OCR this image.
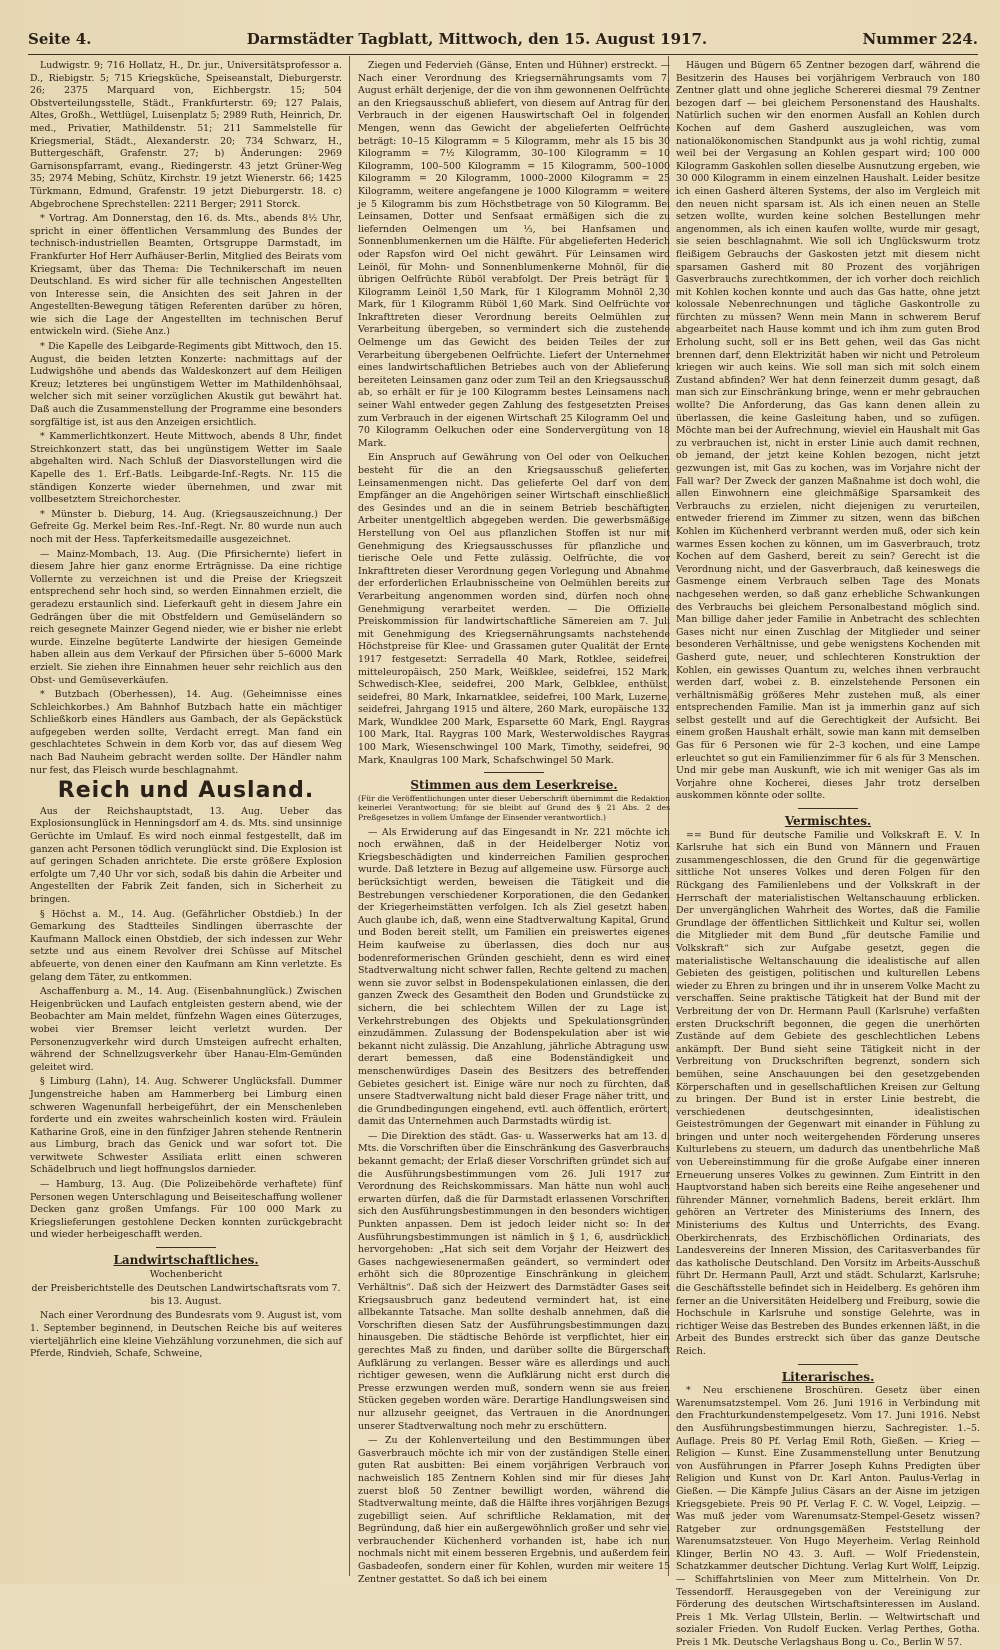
Seite 4.	Darmstädter Tagblatt, Mittwoch, den 15. August 1917.	Nummer 224.

Ludwigstr. 9; 716 Hollatz, H., Dr. jur., Universitätsprofessor a. D., Riebigstr. 5; 715 Kriegsküche, Speiseanstalt, Dieburgerstr. 26; 2375 Marquard von, Eichbergstr. 15; 504 Obstverteilungsstelle, Städt., Frankfurterstr. 69; 127 Palais, Altes, Großh., Wettlügel, Luisenplatz 5; 2989 Ruth, Heinrich, Dr. med., Privatier, Mathildenstr. 51; 211 Sammelstelle für Kriegsmerial, Städt., Alexanderstr. 20; 734 Schwarz, H., Buttergeschäft, Grafenstr. 27; b) Änderungen: 2969 Garnisonspfarramt, evang., Riedingerstr. 43 jetzt Grüner-Weg 35; 2974 Mebing, Schütz, Kirchstr. 19 jetzt Wienerstr. 66; 1425 Türkmann, Edmund, Grafenstr. 19 jetzt Dieburgerstr. 18. c) Abgebrochene Sprechstellen: 2211 Berger; 2911 Storck.

* Vortrag. Am Donnerstag, den 16. ds. Mts., abends 8½ Uhr, spricht in einer öffentlichen Versammlung des Bundes der technisch-industriellen Beamten, Ortsgruppe Darmstadt, im Frankfurter Hof Herr Aufhäuser-Berlin, Mitglied des Beirats vom Kriegsamt, über das Thema: Die Technikerschaft im neuen Deutschland. Es wird sicher für alle technischen Angestellten von Interesse sein, die Ansichten des seit Jahren in der Angestellten-Bewegung tätigen Referenten darüber zu hören, wie sich die Lage der Angestellten im technischen Beruf entwickeln wird. (Siehe Anz.)

* Die Kapelle des Leibgarde-Regiments gibt Mittwoch, den 15. August, die beiden letzten Konzerte: nachmittags auf der Ludwigshöhe und abends das Waldeskonzert auf dem Heiligen Kreuz; letzteres bei ungünstigem Wetter im Mathildenhöhsaal, welcher sich mit seiner vorzüglichen Akustik gut bewährt hat. Daß auch die Zusammenstellung der Programme eine besonders sorgfältige ist, ist aus den Anzeigen ersichtlich.

* Kammerlichtkonzert. Heute Mittwoch, abends 8 Uhr, findet Streichkonzert statt, das bei ungünstigem Wetter im Saale abgehalten wird. Nach Schluß der Diasvorstellungen wird die Kapelle des 1. Erf.-Batls. Leibgarde-Inf.-Regts. Nr. 115 die ständigen Konzerte wieder übernehmen, und zwar mit vollbesetztem Streichorchester.

* Münster b. Dieburg, 14. Aug. (Kriegsauszeichnung.) Der Gefreite Gg. Merkel beim Res.-Inf.-Regt. Nr. 80 wurde nun auch noch mit der Hess. Tapferkeitsmedaille ausgezeichnet.

— Mainz-Mombach, 13. Aug. (Die Pfirsichernte) liefert in diesem Jahre hier ganz enorme Erträgnisse. Da eine richtige Vollernte zu verzeichnen ist und die Preise der Kriegszeit entsprechend sehr hoch sind, so werden Einnahmen erzielt, die geradezu erstaunlich sind. Lieferkauft geht in diesem Jahre ein Gedrängen über die mit Obstfeldern und Gemüseländern so reich gesegnete Mainzer Gegend nieder, wie er bisher nie erlebt wurde. Einzelne begüterte Landwirte der hiesigen Gemeinde haben allein aus dem Verkauf der Pfirsichen über 5–6000 Mark erzielt. Sie ziehen ihre Einnahmen heuer sehr reichlich aus den Obst- und Gemüseverkäufen.

* Butzbach (Oberhessen), 14. Aug. (Geheimnisse eines Schleichkorbes.) Am Bahnhof Butzbach hatte ein mächtiger Schließkorb eines Händlers aus Gambach, der als Gepäckstück aufgegeben werden sollte, Verdacht erregt. Man fand ein geschlachtetes Schwein in dem Korb vor, das auf diesem Weg nach Bad Nauheim gebracht werden sollte. Der Händler nahm nur fest, das Fleisch wurde beschlagnahmt.

Reich und Ausland.

Aus der Reichshauptstadt, 13. Aug. Ueber das Explosionsunglück in Henningsdorf am 4. ds. Mts. sind unsinnige Gerüchte im Umlauf. Es wird noch einmal festgestellt, daß im ganzen acht Personen tödlich verunglückt sind. Die Explosion ist auf geringen Schaden anrichtete. Die erste größere Explosion erfolgte um 7,40 Uhr vor sich, sodaß bis dahin die Arbeiter und Angestellten der Fabrik Zeit fanden, sich in Sicherheit zu bringen.

§ Höchst a. M., 14. Aug. (Gefährlicher Obstdieb.) In der Gemarkung des Stadtteiles Sindlingen überraschte der Kaufmann Mallock einen Obstdieb, der sich indessen zur Wehr setzte und aus einem Revolver drei Schüsse auf Mitschel abfeuerte, von denen einer den Kaufmann am Kinn verletzte. Es gelang dem Täter, zu entkommen.

Aschaffenburg a. M., 14. Aug. (Eisenbahnunglück.) Zwischen Heigenbrücken und Laufach entgleisten gestern abend, wie der Beobachter am Main meldet, fünfzehn Wagen eines Güterzuges, wobei vier Bremser leicht verletzt wurden. Der Personenzugverkehr wird durch Umsteigen aufrecht erhalten, während der Schnellzugsverkehr über Hanau-Elm-Gemünden geleitet wird.

§ Limburg (Lahn), 14. Aug. Schwerer Unglücksfall. Dummer Jungenstreiche haben am Hammerberg bei Limburg einen schweren Wagenunfall herbeigeführt, der ein Menschenleben forderte und ein zweites wahrscheinlich kosten wird. Fräulein Katharine Groß, eine in den fünfziger Jahren stehende Rentnerin aus Limburg, brach das Genick und war sofort tot. Die verwitwete Schwester Assiliata erlitt einen schweren Schädelbruch und liegt hoffnungslos darnieder.

— Hamburg, 13. Aug. (Die Polizeibehörde verhaftete) fünf Personen wegen Unterschlagung und Beiseiteschaffung wollener Decken ganz großen Umfangs. Für 100 000 Mark zu Kriegslieferungen gestohlene Decken konnten zurückgebracht und wieder herbeigeschafft werden.

Landwirtschaftliches.
Wochenbericht

der Preisberichtstelle des Deutschen Landwirtschaftsrats vom 7. bis 13. August.

Nach einer Verordnung des Bundesrats vom 9. August ist, vom 1. September beginnend, in Deutschen Reiche bis auf weiteres vierteljährlich eine kleine Viehzählung vorzunehmen, die sich auf Pferde, Rindvieh, Schafe, Schweine,

Ziegen und Federvieh (Gänse, Enten und Hühner) erstreckt. — Nach einer Verordnung des Kriegsernährungsamts vom 7. August erhält derjenige, der die von ihm gewonnenen Oelfrüchte an den Kriegsausschuß abliefert, von diesem auf Antrag für den Verbrauch in der eigenen Hauswirtschaft Oel in folgenden Mengen, wenn das Gewicht der abgelieferten Oelfrüchte beträgt: 10–15 Kilogramm = 5 Kilogramm, mehr als 15 bis 30 Kilogramm = 7½ Kilogramm, 30–100 Kilogramm = 10 Kilogramm, 100–500 Kilogramm = 15 Kilogramm, 500–1000 Kilogramm = 20 Kilogramm, 1000–2000 Kilogramm = 25 Kilogramm, weitere angefangene je 1000 Kilogramm = weitere je 5 Kilogramm bis zum Höchstbetrage von 50 Kilogramm. Bei Leinsamen, Dotter und Senfsaat ermäßigen sich die zu liefernden Oelmengen um ⅓, bei Hanfsamen und Sonnenblumenkernen um die Hälfte. Für abgelieferten Hederich oder Rapsfon wird Oel nicht gewährt. Für Leinsamen wird Leinöl, für Mohn- und Sonnenblumenkerne Mohnöl, für die übrigen Oelfrüchte Rüböl verabfolgt. Der Preis beträgt für 1 Kilogramm Leinöl 1,50 Mark, für 1 Kilogramm Mohnöl 2,30 Mark, für 1 Kilogramm Rüböl 1,60 Mark. Sind Oelfrüchte vor Inkrafttreten dieser Verordnung bereits Oelmühlen zur Verarbeitung übergeben, so vermindert sich die zustehende Oelmenge um das Gewicht des beiden Teiles der zur Verarbeitung übergebenen Oelfrüchte. Liefert der Unternehmer eines landwirtschaftlichen Betriebes auch von der Ablieferung bereiteten Leinsamen ganz oder zum Teil an den Kriegsausschuß ab, so erhält er für je 100 Kilogramm bestes Leinsamens nach seiner Wahl entweder gegen Zahlung des festgesetzten Preises zum Verbrauch in der eigenen Wirtschaft 25 Kilogramm Oel und 70 Kilogramm Oelkuchen oder eine Sondervergütung von 18 Mark.

Ein Anspruch auf Gewährung von Oel oder von Oelkuchen besteht für die an den Kriegsausschuß gelieferten Leinsamenmengen nicht. Das gelieferte Oel darf von dem Empfänger an die Angehörigen seiner Wirtschaft einschließlich des Gesindes und an die in seinem Betrieb beschäftigten Arbeiter unentgeltlich abgegeben werden. Die gewerbsmäßige Herstellung von Oel aus pflanzlichen Stoffen ist nur mit Genehmigung des Kriegsausschusses für pflanzliche und tierische Oele und Fette zulässig. Oelfrüchte, die vor Inkrafttreten dieser Verordnung gegen Vorlegung und Abnahme der erforderlichen Erlaubnisscheine von Oelmühlen bereits zur Verarbeitung angenommen worden sind, dürfen noch ohne Genehmigung verarbeitet werden. — Die Offizielle Preiskommission für landwirtschaftliche Sämereien am 7. Juli mit Genehmigung des Kriegsernährungsamts nachstehende Höchstpreise für Klee- und Grassamen guter Qualität der Ernte 1917 festgesetzt: Serradella 40 Mark, Rotklee, seidefrei, mitteleuropäisch, 250 Mark, Weißklee, seidefrei, 152 Mark, Schwedisch-Klee, seidefrei, 200 Mark, Gelbklee, enthülst, seidefrei, 80 Mark, Inkarnatklee, seidefrei, 100 Mark, Luzerne, seidefrei, Jahrgang 1915 und ältere, 260 Mark, europäische 132 Mark, Wundklee 200 Mark, Esparsette 60 Mark, Engl. Raygras 100 Mark, Ital. Raygras 100 Mark, Westerwoldisches Raygras 100 Mark, Wiesenschwingel 100 Mark, Timothy, seidefrei, 90 Mark, Knaulgras 100 Mark, Schafschwingel 50 Mark.

Stimmen aus dem Leserkreise.

(Für die Veröffentlichungen unter dieser Ueberschrift übernimmt die Redaktion keinerlei Verantwortung; für sie bleibt auf Grund des § 21 Abs. 2 des Preßgesetzes in vollem Umfange der Einsender verantwortlich.)

— Als Erwiderung auf das Eingesandt in Nr. 221 möchte ich noch erwähnen, daß in der Heidelberger Notiz von Kriegsbeschädigten und kinderreichen Familien gesprochen wurde. Daß letztere in Bezug auf allgemeine usw. Fürsorge auch berücksichtigt werden, beweisen die Tätigkeit und die Bestrebungen verschiedener Korporationen, die den Gedanken der Kriegerheimstätten verfolgen. Ich als Ziel gesetzt haben. Auch glaube ich, daß, wenn eine Stadtverwaltung Kapital, Grund und Boden bereit stellt, um Familien ein preiswertes eigenes Heim kaufweise zu überlassen, dies doch nur aus bodenreformerischen Gründen geschieht, denn es wird einer Stadtverwaltung nicht schwer fallen, Rechte geltend zu machen, wenn sie zuvor selbst in Bodenspekulationen einlassen, die den ganzen Zweck des Gesamtheit den Boden und Grundstücke zu sichern, die bei schlechtem Willen der zu Lage ist, Verkehrstrebungen des Objekts und Spekulationsgründen einzudämmen. Zulassung der Bodenspekulation aber ist wie bekannt nicht zulässig. Die Anzahlung, jährliche Abtragung usw. derart bemessen, daß eine Bodenständigkeit und menschenwürdiges Dasein des Besitzers des betreffenden Gebietes gesichert ist. Einige wäre nur noch zu fürchten, daß unsere Stadtverwaltung nicht bald dieser Frage näher tritt, und die Grundbedingungen eingehend, evtl. auch öffentlich, erörtert, damit das Unternehmen auch Darmstadts würdig ist.

— Die Direktion des städt. Gas- u. Wasserwerks hat am 13. d. Mts. die Vorschriften über die Einschränkung des Gasverbrauchs bekannt gemacht; der Erlaß dieser Vorschriften gründet sich auf die Ausführungsbestimmungen vom 26. Juli 1917 zur Verordnung des Reichskommissars. Man hätte nun wohl auch erwarten dürfen, daß die für Darmstadt erlassenen Vorschriften sich den Ausführungsbestimmungen in den besonders wichtigen Punkten anpassen. Dem ist jedoch leider nicht so: In der Ausführungsbestimmungen ist nämlich in § 1, 6, ausdrücklich hervorgehoben: „Hat sich seit dem Vorjahr der Heizwert des Gases nachgewiesenermaßen geändert, so vermindert oder erhöht sich die 80prozentige Einschränkung in gleichem Verhältnis“. Daß sich der Heizwert des Darmstädter Gases seit Kriegsausbruch ganz bedeutend vermindert hat, ist eine allbekannte Tatsache. Man sollte deshalb annehmen, daß die Vorschriften diesen Satz der Ausführungsbestimmungen dazu hinausgeben. Die städtische Behörde ist verpflichtet, hier ein gerechtes Maß zu finden, und darüber sollte die Bürgerschaft Aufklärung zu verlangen. Besser wäre es allerdings und auch richtiger gewesen, wenn die Aufklärung nicht erst durch die Presse erzwungen werden muß, sondern wenn sie aus freien Stücken gegeben worden wäre. Derartige Handlungsweisen sind nur allzusehr geeignet, das Vertrauen in die Anordnungen unserer Stadtverwaltung noch mehr zu erschüttern.

— Zu der Kohlenverteilung und den Bestimmungen über Gasverbrauch möchte ich mir von der zuständigen Stelle einen guten Rat ausbitten: Bei einem vorjährigen Verbrauch von nachweislich 185 Zentnern Kohlen sind mir für dieses Jahr zuerst bloß 50 Zentner bewilligt worden, während die Stadtverwaltung meinte, daß die Hälfte ihres vorjährigen Bezugs zugebilligt seien. Auf schriftliche Reklamation, mit der Begründung, daß hier ein außergewöhnlich großer und sehr viel verbrauchender Küchenherd vorhanden ist, habe ich nun nochmals nicht mit einem besseren Ergebnis, und außerdem fein Gasbadeofen, sondern einer für Kohlen, wurden mir weitere 15 Zentner gestattet. So daß ich bei einem

Häugen und Bügern 65 Zentner bezogen darf, während die Besitzerin des Hauses bei vorjährigem Verbrauch von 180 Zentner glatt und ohne jegliche Schererei diesmal 79 Zentner bezogen darf — bei gleichem Personenstand des Haushalts. Natürlich suchen wir den enormen Ausfall an Kohlen durch Kochen auf dem Gasherd auszugleichen, was vom nationalökonomischen Standpunkt aus ja wohl richtig, zumal weil bei der Vergasung an Kohlen gespart wird; 100 000 Kilogramm Gaskohlen sollen dieselbe Ausnutzung ergeben, wie 30 000 Kilogramm in einem einzelnen Haushalt. Leider besitze ich einen Gasherd älteren Systems, der also im Vergleich mit den neuen nicht sparsam ist. Als ich einen neuen an Stelle setzen wollte, wurden keine solchen Bestellungen mehr angenommen, als ich einen kaufen wollte, wurde mir gesagt, sie seien beschlagnahmt. Wie soll ich Unglückswurm trotz fleißigem Gebrauchs der Gaskosten jetzt mit diesem nicht sparsamen Gasherd mit 80 Prozent des vorjährigen Gasverbrauchs zurechtkommen, der ich vorher doch reichlich mit Kohlen kochen konnte und auch das Gas hatte, ohne jetzt kolossale Nebenrechnungen und tägliche Gaskontrolle zu fürchten zu müssen? Wenn mein Mann in schwerem Beruf abgearbeitet nach Hause kommt und ich ihm zum guten Brod Erholung sucht, soll er ins Bett gehen, weil das Gas nicht brennen darf, denn Elektrizität haben wir nicht und Petroleum kriegen wir auch keins. Wie soll man sich mit solch einem Zustand abfinden? Wer hat denn feinerzeit dumm gesagt, daß man sich zur Einschränkung bringe, wenn er mehr gebrauchen wollte? Die Anforderung, das Gas kann denen allein zu überlassen, die keine Gasleitung haben, und so zufügen. Möchte man bei der Aufrechnung, wieviel ein Haushalt mit Gas zu verbrauchen ist, nicht in erster Linie auch damit rechnen, ob jemand, der jetzt keine Kohlen bezogen, nicht jetzt gezwungen ist, mit Gas zu kochen, was im Vorjahre nicht der Fall war? Der Zweck der ganzen Maßnahme ist doch wohl, die allen Einwohnern eine gleichmäßige Sparsamkeit des Verbrauchs zu erzielen, nicht diejenigen zu verurteilen, entweder frierend im Zimmer zu sitzen, wenn das bißchen Kohlen im Küchenherd verbrannt werden muß, oder sich kein warmes Essen kochen zu können, um im Gasverbrauch, trotz Kochen auf dem Gasherd, bereit zu sein? Gerecht ist die Verordnung nicht, und der Gasverbrauch, daß keineswegs die Gasmenge einem Verbrauch selben Tage des Monats nachgesehen werden, so daß ganz erhebliche Schwankungen des Verbrauchs bei gleichem Personalbestand möglich sind. Man billige daher jeder Familie in Anbetracht des schlechten Gases nicht nur einen Zuschlag der Mitglieder und seiner besonderen Verhältnisse, und gebe wenigstens Kochenden mit Gasherd gute, neuer, und schlechteren Konstruktion der Kohlen, ein gewisses Quantum zu, welches ihnen verbraucht werden darf, wobei z. B. einzelstehende Personen ein verhältnismäßig größeres Mehr zustehen muß, als einer entsprechenden Familie. Man ist ja immerhin ganz auf sich selbst gestellt und auf die Gerechtigkeit der Aufsicht. Bei einem großen Haushalt erhält, sowie man kann mit demselben Gas für 6 Personen wie für 2–3 kochen, und eine Lampe erleuchtet so gut ein Familienzimmer für 6 als für 3 Menschen. Und mir gebe man Auskunft, wie ich mit weniger Gas als im Vorjahre ohne Kocherei, dieses Jahr trotz derselben auskommen könnte oder sollte.

Vermischtes.

== Bund für deutsche Familie und Volkskraft E. V. In Karlsruhe hat sich ein Bund von Männern und Frauen zusammengeschlossen, die den Grund für die gegenwärtige sittliche Not unseres Volkes und deren Folgen für den Rückgang des Familienlebens und der Volkskraft in der Herrschaft der materialistischen Weltanschauung erblicken. Der unvergänglichen Wahrheit des Wortes, daß die Familie Grundlage der öffentlichen Sittlichkeit und Kultur sei, wollen die Mitglieder mit dem Bund „für deutsche Familie und Volkskraft“ sich zur Aufgabe gesetzt, gegen die materialistische Weltanschauung die idealistische auf allen Gebieten des geistigen, politischen und kulturellen Lebens wieder zu Ehren zu bringen und ihr in unserem Volke Macht zu verschaffen. Seine praktische Tätigkeit hat der Bund mit der Verbreitung der von Dr. Hermann Paull (Karlsruhe) verfaßten ersten Druckschrift begonnen, die gegen die unerhörten Zustände auf dem Gebiete des geschlechtlichen Lebens ankämpft. Der Bund sieht seine Tätigkeit nicht in der Verbreitung von Druckschriften begrenzt, sondern sich bemühen, seine Anschauungen bei den gesetzgebenden Körperschaften und in gesellschaftlichen Kreisen zur Geltung zu bringen. Der Bund ist in erster Linie bestrebt, die verschiedenen deutschgesinnten, idealistischen Geisteströmungen der Gegenwart mit einander in Fühlung zu bringen und unter noch weitergehenden Förderung unseres Kulturlebens zu steuern, um dadurch das unentbehrliche Maß von Uebereinstimmung für die große Aufgabe einer inneren Erneuerung unseres Volkes zu gewinnen. Zum Eintritt in den Hauptvorstand haben sich bereits eine Reihe angesehener und führender Männer, vornehmlich Badens, bereit erklärt. Ihm gehören an Vertreter des Ministeriums des Innern, des Ministeriums des Kultus und Unterrichts, des Evang. Oberkirchenrats, des Erzbischöflichen Ordinariats, des Landesvereins der Inneren Mission, des Caritasverbandes für das katholische Deutschland. Den Vorsitz im Arbeits-Ausschuß führt Dr. Hermann Paull, Arzt und städt. Schularzt, Karlsruhe; die Geschäftsstelle befindet sich in Heidelberg. Es gehören ihm ferner an die Universitäten Heidelberg und Freiburg, sowie die Hochschule in Karlsruhe und sonstige Gelehrte, was in richtiger Weise das Bestreben des Bundes erkennen läßt, in die Arbeit des Bundes erstreckt sich über das ganze Deutsche Reich.

Literarisches.

* Neu erschienene Broschüren. Gesetz über einen Warenumsatzstempel. Vom 26. Juni 1916 in Verbindung mit den Frachturkundenstempelgesetz. Vom 17. Juni 1916. Nebst den Ausführungsbestimmungen hierzu, Sachregister. 1.–5. Auflage. Preis 80 Pf. Verlag Emil Roth, Gießen. — Krieg — Religion — Kunst. Eine Zusammenstellung unter Benutzung von Ausführungen in Pfarrer Joseph Kuhns Predigten über Religion und Kunst von Dr. Karl Anton. Paulus-Verlag in Gießen. — Die Kämpfe Julius Cäsars an der Aisne im jetzigen Kriegsgebiete. Preis 90 Pf. Verlag F. C. W. Vogel, Leipzig. — Was muß jeder vom Warenumsatz-Stempel-Gesetz wissen? Ratgeber zur ordnungsgemäßen Feststellung der Warenumsatzsteuer. Von Hugo Meyerheim. Verlag Reinhold Klinger, Berlin NO 43. 3. Aufl. — Wolf Friedenstein, Schatzkammer deutscher Dichtung. Verlag Kurt Wolff, Leipzig. — Schiffahrtslinien von Meer zum Mittelrhein. Von Dr. Tessendorff. Herausgegeben von der Vereinigung zur Förderung des deutschen Wirtschaftsinteressen im Ausland. Preis 1 Mk. Verlag Ullstein, Berlin. — Weltwirtschaft und sozialer Frieden. Von Rudolf Eucken. Verlag Perthes, Gotha. Preis 1 Mk. Deutsche Verlagshaus Bong u. Co., Berlin W 57.
